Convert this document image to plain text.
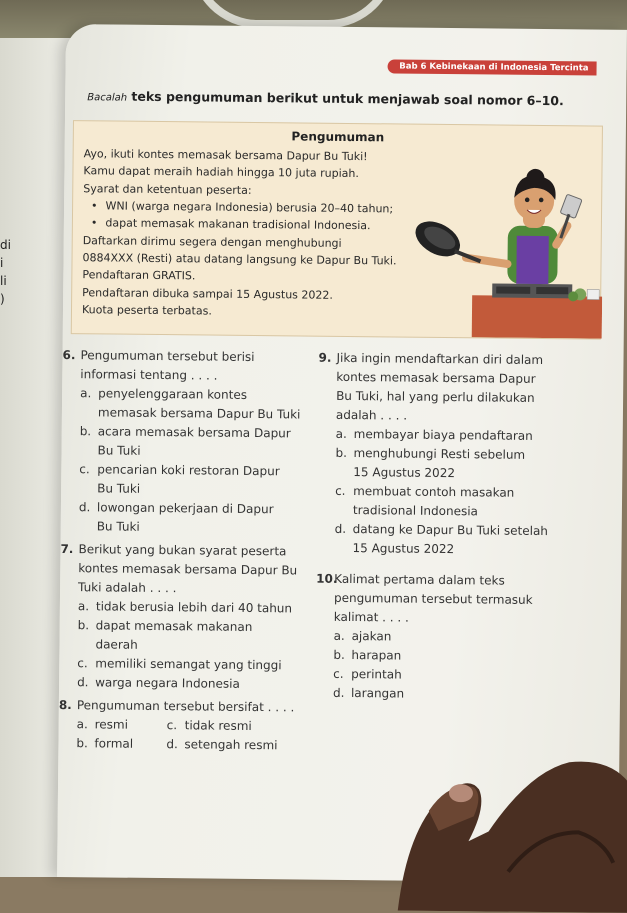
di
i
li
)
Bab 6 Kebinekaan di Indonesia Tercinta
Bacalah teks pengumuman berikut untuk menjawab soal nomor 6–10.
Pengumuman
Ayo, ikuti kontes memasak bersama Dapur Bu Tuki!
Kamu dapat meraih hadiah hingga 10 juta rupiah.
Syarat dan ketentuan peserta:
• WNI (warga negara Indonesia) berusia 20–40 tahun;
• dapat memasak makanan tradisional Indonesia.
Daftarkan dirimu segera dengan menghubungi
0884XXX (Resti) atau datang langsung ke Dapur Bu Tuki.
Pendaftaran GRATIS.
Pendaftaran dibuka sampai 15 Agustus 2022.
Kuota peserta terbatas.
6. Pengumuman tersebut berisi
informasi tentang . . . .
a. penyelenggaraan kontes
memasak bersama Dapur Bu Tuki
b. acara memasak bersama Dapur
Bu Tuki
c. pencarian koki restoran Dapur
Bu Tuki
d. lowongan pekerjaan di Dapur
Bu Tuki
7. Berikut yang bukan syarat peserta
kontes memasak bersama Dapur Bu
Tuki adalah . . . .
a. tidak berusia lebih dari 40 tahun
b. dapat memasak makanan
daerah
c. memiliki semangat yang tinggi
d. warga negara Indonesia
8. Pengumuman tersebut bersifat . . . .
a. resmi	c. tidak resmi
b. formal	d. setengah resmi
9. Jika ingin mendaftarkan diri dalam
kontes memasak bersama Dapur
Bu Tuki, hal yang perlu dilakukan
adalah . . . .
a. membayar biaya pendaftaran
b. menghubungi Resti sebelum
15 Agustus 2022
c. membuat contoh masakan
tradisional Indonesia
d. datang ke Dapur Bu Tuki setelah
15 Agustus 2022
10.
Kalimat pertama dalam teks
pengumuman tersebut termasuk
kalimat . . . .
a. ajakan
b. harapan
c. perintah
d. larangan
